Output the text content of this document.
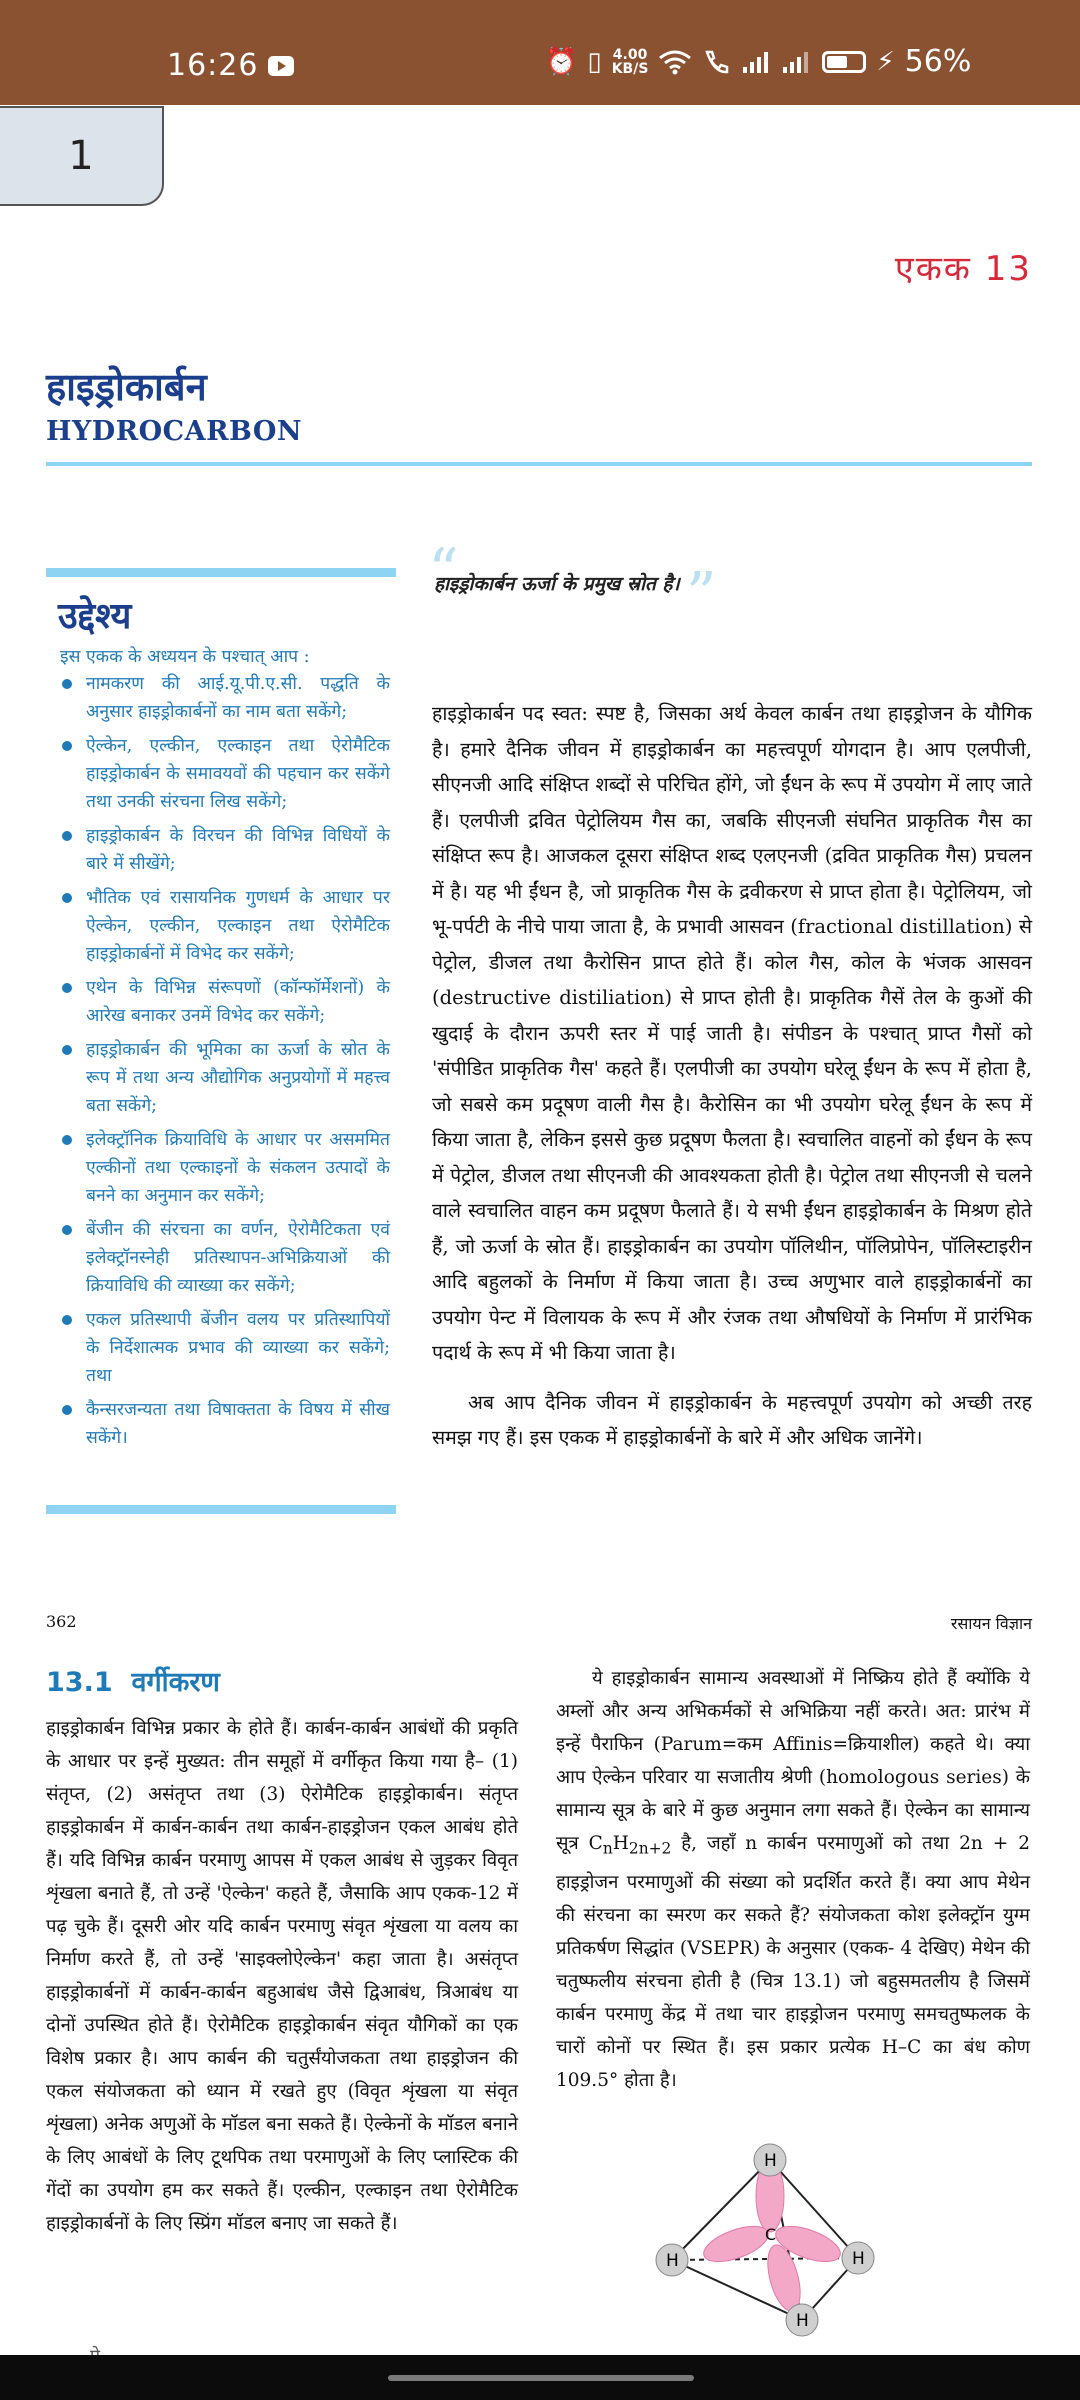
16:26	⏰ ▯ 4.00
KB/S	⚡ 56%
1
एकक 13
हाइड्रोकार्बन
HYDROCARBON
उद्देश्य
इस एकक के अध्ययन के पश्चात् आप :
नामकरण की आई.यू.पी.ए.सी. पद्धति के अनुसार हाइड्रोकार्बनों का नाम बता सकेंगे;
ऐल्केन, एल्कीन, एल्काइन तथा ऐरोमैटिक हाइड्रोकार्बन के समावयवों की पहचान कर सकेंगे तथा उनकी संरचना लिख सकेंगे;
हाइड्रोकार्बन के विरचन की विभिन्न विधियों के बारे में सीखेंगे;
भौतिक एवं रासायनिक गुणधर्म के आधार पर ऐल्केन, एल्कीन, एल्काइन तथा ऐरोमैटिक हाइड्रोकार्बनों में विभेद कर सकेंगे;
एथेन के विभिन्न संरूपणों (कॉन्फॉर्मेशनों) के आरेख बनाकर उनमें विभेद कर सकेंगे;
हाइड्रोकार्बन की भूमिका का ऊर्जा के स्रोत के रूप में तथा अन्य औद्योगिक अनुप्रयोगों में महत्त्व बता सकेंगे;
इलेक्ट्रॉनिक क्रियाविधि के आधार पर असममित एल्कीनों तथा एल्काइनों के संकलन उत्पादों के बनने का अनुमान कर सकेंगे;
बेंजीन की संरचना का वर्णन, ऐरोमैटिकता एवं इलेक्ट्रॉनस्नेही प्रतिस्थापन-अभिक्रियाओं की क्रियाविधि की व्याख्या कर सकेंगे;
एकल प्रतिस्थापी बेंजीन वलय पर प्रतिस्थापियों के निर्देशात्मक प्रभाव की व्याख्या कर सकेंगे; तथा
कैन्सरजन्यता तथा विषाक्तता के विषय में सीख सकेंगे।
“
हाइड्रोकार्बन ऊर्जा के प्रमुख स्रोत है। ”

हाइड्रोकार्बन पद स्वत: स्पष्ट है, जिसका अर्थ केवल कार्बन तथा हाइड्रोजन के यौगिक है। हमारे दैनिक जीवन में हाइड्रोकार्बन का महत्त्वपूर्ण योगदान है। आप एलपीजी, सीएनजी आदि संक्षिप्त शब्दों से परिचित होंगे, जो ईंधन के रूप में उपयोग में लाए जाते हैं। एलपीजी द्रवित पेट्रोलियम गैस का, जबकि सीएनजी संघनित प्राकृतिक गैस का संक्षिप्त रूप है। आजकल दूसरा संक्षिप्त शब्द एलएनजी (द्रवित प्राकृतिक गैस) प्रचलन में है। यह भी ईंधन है, जो प्राकृतिक गैस के द्रवीकरण से प्राप्त होता है। पेट्रोलियम, जो भू-पर्पटी के नीचे पाया जाता है, के प्रभावी आसवन (fractional distillation) से पेट्रोल, डीजल तथा कैरोसिन प्राप्त होते हैं। कोल गैस, कोल के भंजक आसवन (destructive distiliation) से प्राप्त होती है। प्राकृतिक गैसें तेल के कुओं की खुदाई के दौरान ऊपरी स्तर में पाई जाती है। संपीडन के पश्चात् प्राप्त गैसों को 'संपीडित प्राकृतिक गैस' कहते हैं। एलपीजी का उपयोग घरेलू ईंधन के रूप में होता है, जो सबसे कम प्रदूषण वाली गैस है। कैरोसिन का भी उपयोग घरेलू ईंधन के रूप में किया जाता है, लेकिन इससे कुछ प्रदूषण फैलता है। स्वचालित वाहनों को ईंधन के रूप में पेट्रोल, डीजल तथा सीएनजी की आवश्यकता होती है। पेट्रोल तथा सीएनजी से चलने वाले स्वचालित वाहन कम प्रदूषण फैलाते हैं। ये सभी ईंधन हाइड्रोकार्बन के मिश्रण होते हैं, जो ऊर्जा के स्रोत हैं। हाइड्रोकार्बन का उपयोग पॉलिथीन, पॉलिप्रोपेन, पॉलिस्टाइरीन आदि बहुलकों के निर्माण में किया जाता है। उच्च अणुभार वाले हाइड्रोकार्बनों का उपयोग पेन्ट में विलायक के रूप में और रंजक तथा औषधियों के निर्माण में प्रारंभिक पदार्थ के रूप में भी किया जाता है।

अब आप दैनिक जीवन में हाइड्रोकार्बन के महत्त्वपूर्ण उपयोग को अच्छी तरह समझ गए हैं। इस एकक में हाइड्रोकार्बनों के बारे में और अधिक जानेंगे।

362	रसायन विज्ञान
13.1 वर्गीकरण

हाइड्रोकार्बन विभिन्न प्रकार के होते हैं। कार्बन-कार्बन आबंधों की प्रकृति के आधार पर इन्हें मुख्यत: तीन समूहों में वर्गीकृत किया गया है– (1) संतृप्त, (2) असंतृप्त तथा (3) ऐरोमैटिक हाइड्रोकार्बन। संतृप्त हाइड्रोकार्बन में कार्बन-कार्बन तथा कार्बन-हाइड्रोजन एकल आबंध होते हैं। यदि विभिन्न कार्बन परमाणु आपस में एकल आबंध से जुड़कर विवृत शृंखला बनाते हैं, तो उन्हें 'ऐल्केन' कहते हैं, जैसाकि आप एकक-12 में पढ़ चुके हैं। दूसरी ओर यदि कार्बन परमाणु संवृत शृंखला या वलय का निर्माण करते हैं, तो उन्हें 'साइक्लोऐल्केन' कहा जाता है। असंतृप्त हाइड्रोकार्बनों में कार्बन-कार्बन बहुआबंध जैसे द्विआबंध, त्रिआबंध या दोनों उपस्थित होते हैं। ऐरोमैटिक हाइड्रोकार्बन संवृत यौगिकों का एक विशेष प्रकार है। आप कार्बन की चतुर्संयोजकता तथा हाइड्रोजन की एकल संयोजकता को ध्यान में रखते हुए (विवृत शृंखला या संवृत शृंखला) अनेक अणुओं के मॉडल बना सकते हैं। ऐल्केनों के मॉडल बनाने के लिए आबंधों के लिए टूथपिक तथा परमाणुओं के लिए प्लास्टिक की गेंदों का उपयोग हम कर सकते हैं। एल्कीन, एल्काइन तथा ऐरोमैटिक हाइड्रोकार्बनों के लिए स्प्रिंग मॉडल बनाए जा सकते हैं।

ये हाइड्रोकार्बन सामान्य अवस्थाओं में निष्क्रिय होते हैं क्योंकि ये अम्लों और अन्य अभिकर्मकों से अभिक्रिया नहीं करते। अत: प्रारंभ में इन्हें पैराफिन (Parum=कम Affinis=क्रियाशील) कहते थे। क्या आप ऐल्केन परिवार या सजातीय श्रेणी (homologous series) के सामान्य सूत्र के बारे में कुछ अनुमान लगा सकते हैं। ऐल्केन का सामान्य सूत्र $C_nH_{2n+2}$ है, जहाँ n कार्बन परमाणुओं को तथा 2n + 2 हाइड्रोजन परमाणुओं की संख्या को प्रदर्शित करते हैं। क्या आप मेथेन की संरचना का स्मरण कर सकते हैं? संयोजकता कोश इलेक्ट्रॉन युग्म प्रतिकर्षण सिद्धांत (VSEPR) के अनुसार (एकक- 4 देखिए) मेथेन की चतुष्फलीय संरचना होती है (चित्र 13.1) जो बहुसमतलीय है जिसमें कार्बन परमाणु केंद्र में तथा चार हाइड्रोजन परमाणु समचतुष्फलक के चारों कोनों पर स्थित हैं। इस प्रकार प्रत्येक H–C का बंध कोण 109.5° होता है।

C
H
H	H
H
